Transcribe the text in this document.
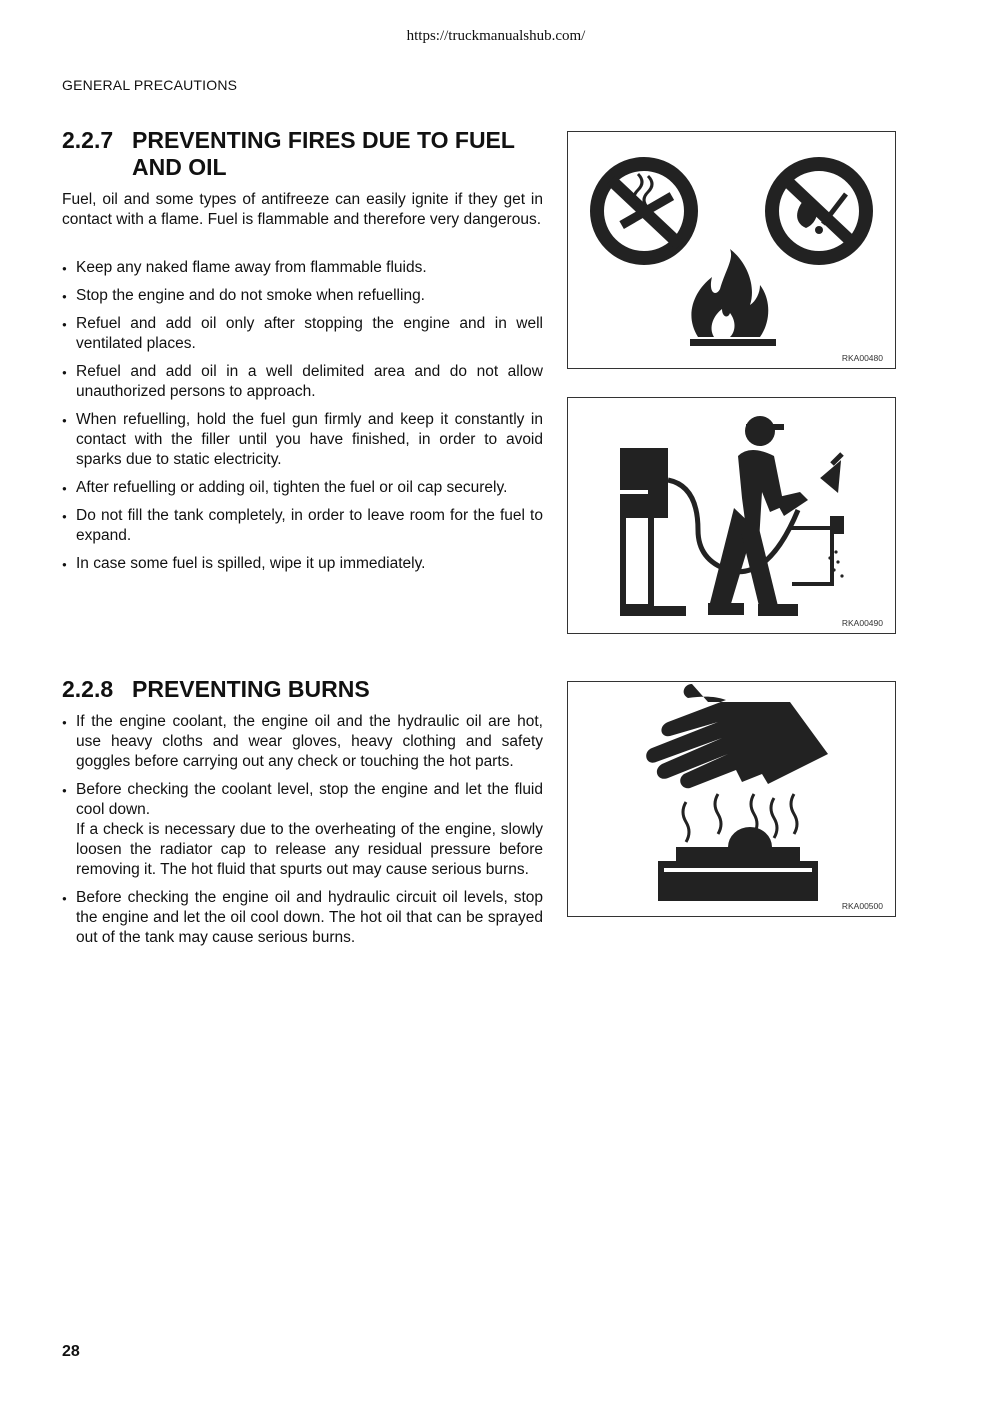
https://truckmanualshub.com/
GENERAL PRECAUTIONS
2.2.7 PREVENTING FIRES DUE TO FUEL AND OIL
Fuel, oil and some types of antifreeze can easily ignite if they get in contact with a flame. Fuel is flammable and therefore very dangerous.
● Keep any naked flame away from flammable fluids.
● Stop the engine and do not smoke when refuelling.
● Refuel and add oil only after stopping the engine and in well ventilated places.
● Refuel and add oil in a well delimited area and do not allow unauthorized persons to approach.
● When refuelling, hold the fuel gun firmly and keep it constantly in contact with the filler until you have finished, in order to avoid sparks due to static electricity.
● After refuelling or adding oil, tighten the fuel or oil cap securely.
● Do not fill the tank completely, in order to leave room for the fuel to expand.
● In case some fuel is spilled, wipe it up immediately.
RKA00480
RKA00490
2.2.8 PREVENTING BURNS
● If the engine coolant, the engine oil and the hydraulic oil are hot, use heavy cloths and wear gloves, heavy clothing and safety goggles before carrying out any check or touching the hot parts.
● Before checking the coolant level, stop the engine and let the fluid cool down.
If a check is necessary due to the overheating of the engine, slowly loosen the radiator cap to release any residual pressure before removing it. The hot fluid that spurts out may cause serious burns.
● Before checking the engine oil and hydraulic circuit oil levels, stop the engine and let the oil cool down. The hot oil that can be sprayed out of the tank may cause serious burns.
RKA00500
28
